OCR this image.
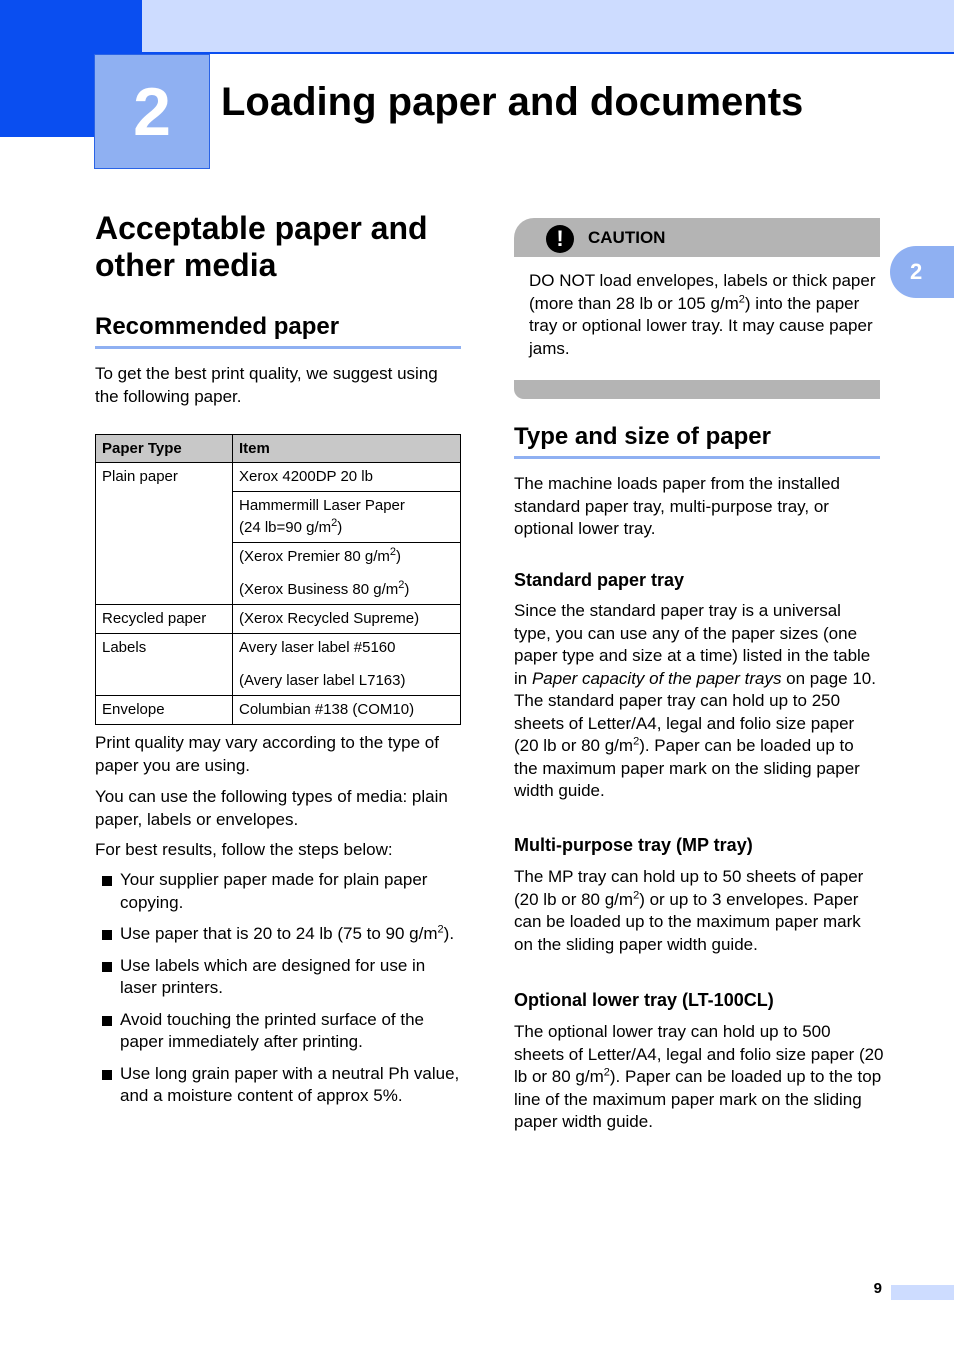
2	Loading paper and documents
2
Acceptable paper and other media
Recommended paper

To get the best print quality, we suggest using the following paper.

Paper Type	Item
Plain paper	Xerox 4200DP 20 lb

	Hammermill Laser Paper
(24 lb=90 $g/m^2$)

	(Xerox Premier 80 $g/m^2$)
(Xerox Business 80 $g/m^2$)

Recycled paper	(Xerox Recycled Supreme)
Labels	Avery laser label #5160
(Avery laser label L7163)

Envelope	Columbian #138 (COM10)

Print quality may vary according to the type of paper you are using.

You can use the following types of media: plain paper, labels or envelopes.

For best results, follow the steps below:

Your supplier paper made for plain paper copying.
Use paper that is 20 to 24 lb (75 to 90 $g/m^2$).
Use labels which are designed for use in laser printers.
Avoid touching the printed surface of the paper immediately after printing.
Use long grain paper with a neutral Ph value, and a moisture content of approx 5%.
!	CAUTION

DO NOT load envelopes, labels or thick paper (more than 28 lb or 105 $g/m^2$) into the paper tray or optional lower tray. It may cause paper jams.

Type and size of paper

The machine loads paper from the installed standard paper tray, multi-purpose tray, or optional lower tray.

Standard paper tray

Since the standard paper tray is a universal type, you can use any of the paper sizes (one paper type and size at a time) listed in the table in Paper capacity of the paper trays on page 10. The standard paper tray can hold up to 250 sheets of Letter/A4, legal and folio size paper (20 lb or 80 $g/m^2$). Paper can be loaded up to the maximum paper mark on the sliding paper width guide.

Multi-purpose tray (MP tray)

The MP tray can hold up to 50 sheets of paper (20 lb or 80 $g/m^2$) or up to 3 envelopes. Paper can be loaded up to the maximum paper mark on the sliding paper width guide.

Optional lower tray (LT-100CL)

The optional lower tray can hold up to 500 sheets of Letter/A4, legal and folio size paper (20 lb or 80 $g/m^2$). Paper can be loaded up to the top line of the maximum paper mark on the sliding paper width guide.

9
